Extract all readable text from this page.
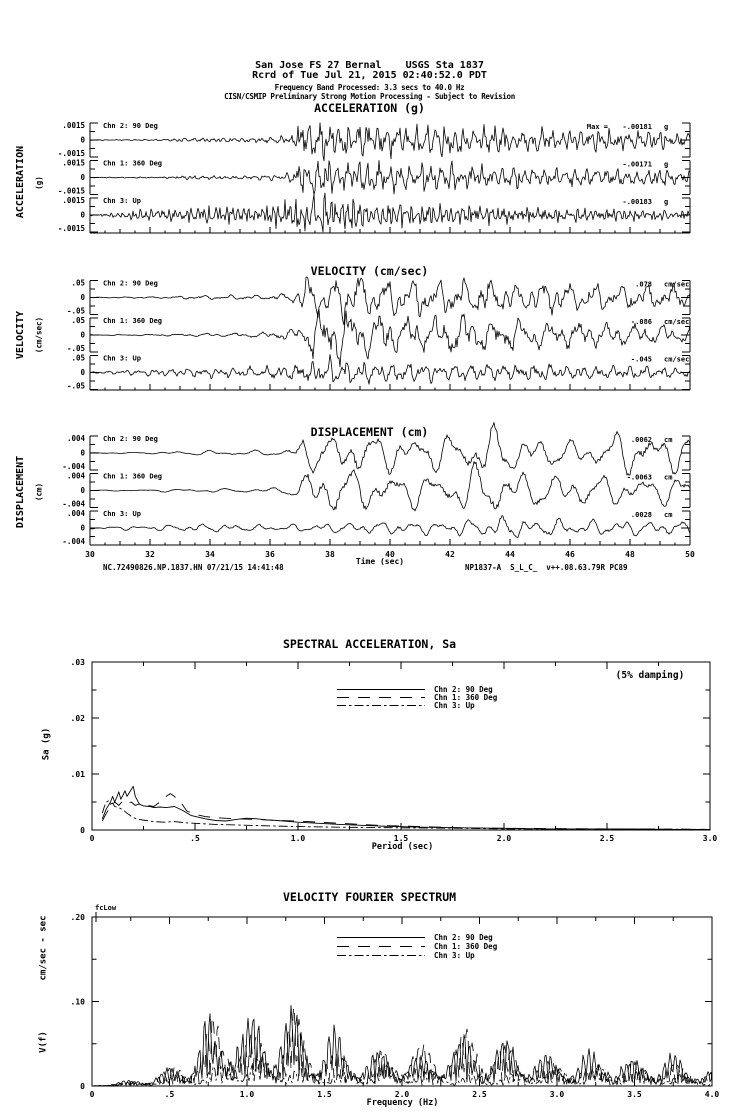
.0015
0
-.0015
Chn 2: 90 Deg	Max = -.00181 g
.0015
0
-.0015
Chn 1: 360 Deg	-.00171 g
.0015
0
-.0015
Chn 3: Up	-.00183 g
.05
0
-.05
Chn 2: 90 Deg	.078 cm/sec
.05
0
-.05
Chn 1: 360 Deg	-.086 cm/sec
.05
0
-.05
Chn 3: Up	-.045 cm/sec
.004
0
-.004
Chn 2: 90 Deg	.0062 cm
.004
0
-.004
Chn 1: 360 Deg	-.0063 cm
.004
0
-.004
Chn 3: Up	.0028 cm
30	32	34	36	38	40	42	44	46	48	50
0	.5	1.0	1.5	2.0	2.5	3.0
0
.01
.02
.03
Chn 2: 90 Deg
Chn 1: 360 Deg
Chn 3: Up
0	.5	1.0	1.5	2.0	2.5	3.0	3.5	4.0
0
.10
.20
Chn 2: 90 Deg
Chn 1: 360 Deg
Chn 3: Up
San Jose FS 27 Bernal    USGS Sta 1837
Rcrd of Tue Jul 21, 2015 02:40:52.0 PDT
Frequency Band Processed: 3.3 secs to 40.0 Hz
CISN/CSMIP Preliminary Strong Motion Processing - Subject to Revision
ACCELERATION (g)
VELOCITY (cm/sec)
DISPLACEMENT (cm)
SPECTRAL ACCELERATION, Sa
VELOCITY FOURIER SPECTRUM
ACCELERATION (g)
VELOCITY (cm/sec)
DISPLACEMENT (cm)
Sa (g)
cm/sec - sec
V(f)
Time (sec)
NC.72490826.NP.1837.HN 07/21/15 14:41:48	NP1837-A  S_L_C_  v++.08.63.79R PC89
(5% damping)
fcLow
Period (sec)
Frequency (Hz)
